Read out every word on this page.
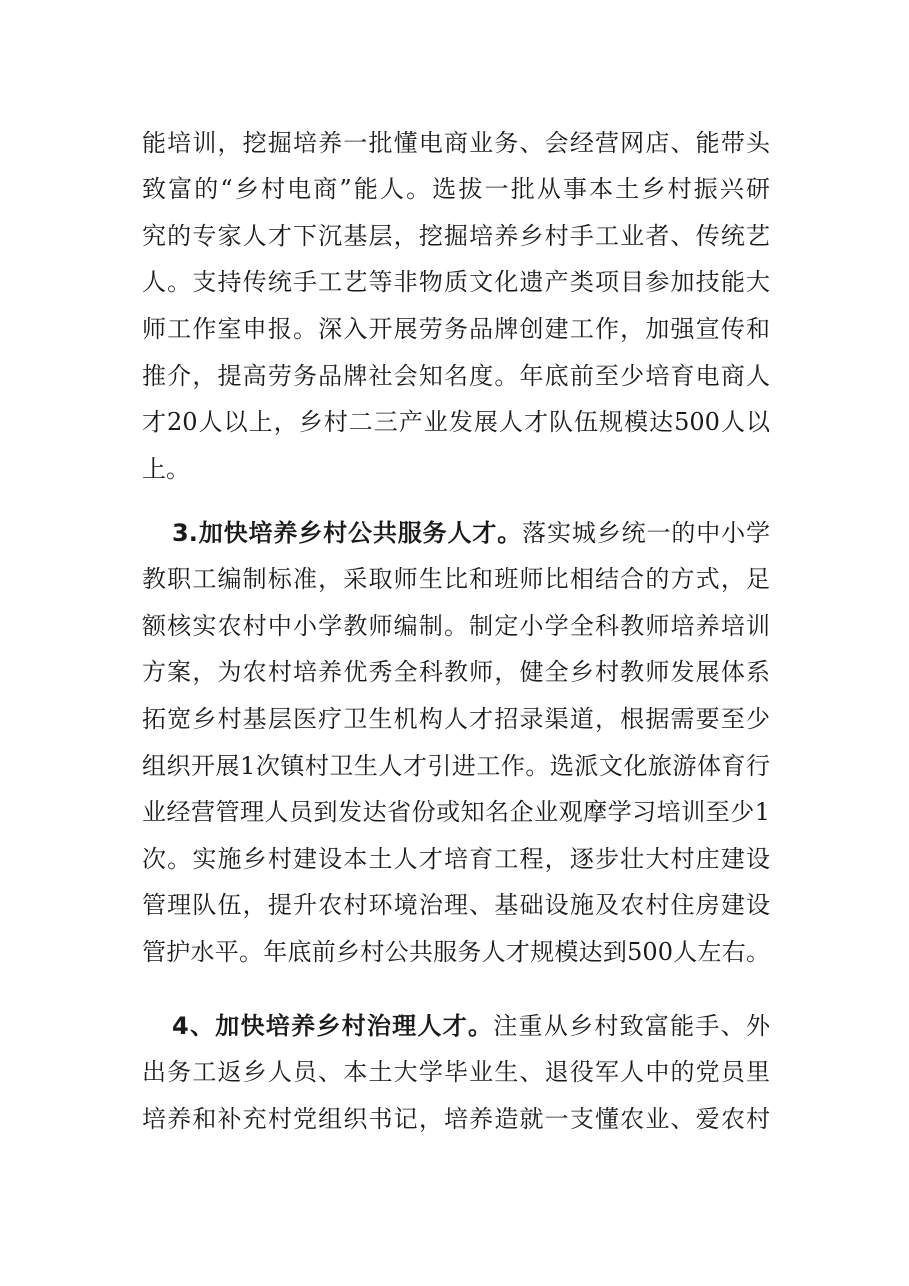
能培训，挖掘培养一批懂电商业务、会经营网店、能带头
致富的“乡村电商”能人。选拔一批从事本土乡村振兴研
究的专家人才下沉基层，挖掘培养乡村手工业者、传统艺
人。支持传统手工艺等非物质文化遗产类项目参加技能大
师工作室申报。深入开展劳务品牌创建工作，加强宣传和
推介，提高劳务品牌社会知名度。年底前至少培育电商人
才20人以上，乡村二三产业发展人才队伍规模达500人以
上。
3.加快培养乡村公共服务人才。落实城乡统一的中小学
教职工编制标准，采取师生比和班师比相结合的方式，足
额核实农村中小学教师编制。制定小学全科教师培养培训
方案，为农村培养优秀全科教师，健全乡村教师发展体系
拓宽乡村基层医疗卫生机构人才招录渠道，根据需要至少
组织开展1次镇村卫生人才引进工作。选派文化旅游体育行
业经营管理人员到发达省份或知名企业观摩学习培训至少1
次。实施乡村建设本土人才培育工程，逐步壮大村庄建设
管理队伍，提升农村环境治理、基础设施及农村住房建设
管护水平。年底前乡村公共服务人才规模达到500人左右。
4、加快培养乡村治理人才。注重从乡村致富能手、外
出务工返乡人员、本土大学毕业生、退役军人中的党员里
培养和补充村党组织书记，培养造就一支懂农业、爱农村
